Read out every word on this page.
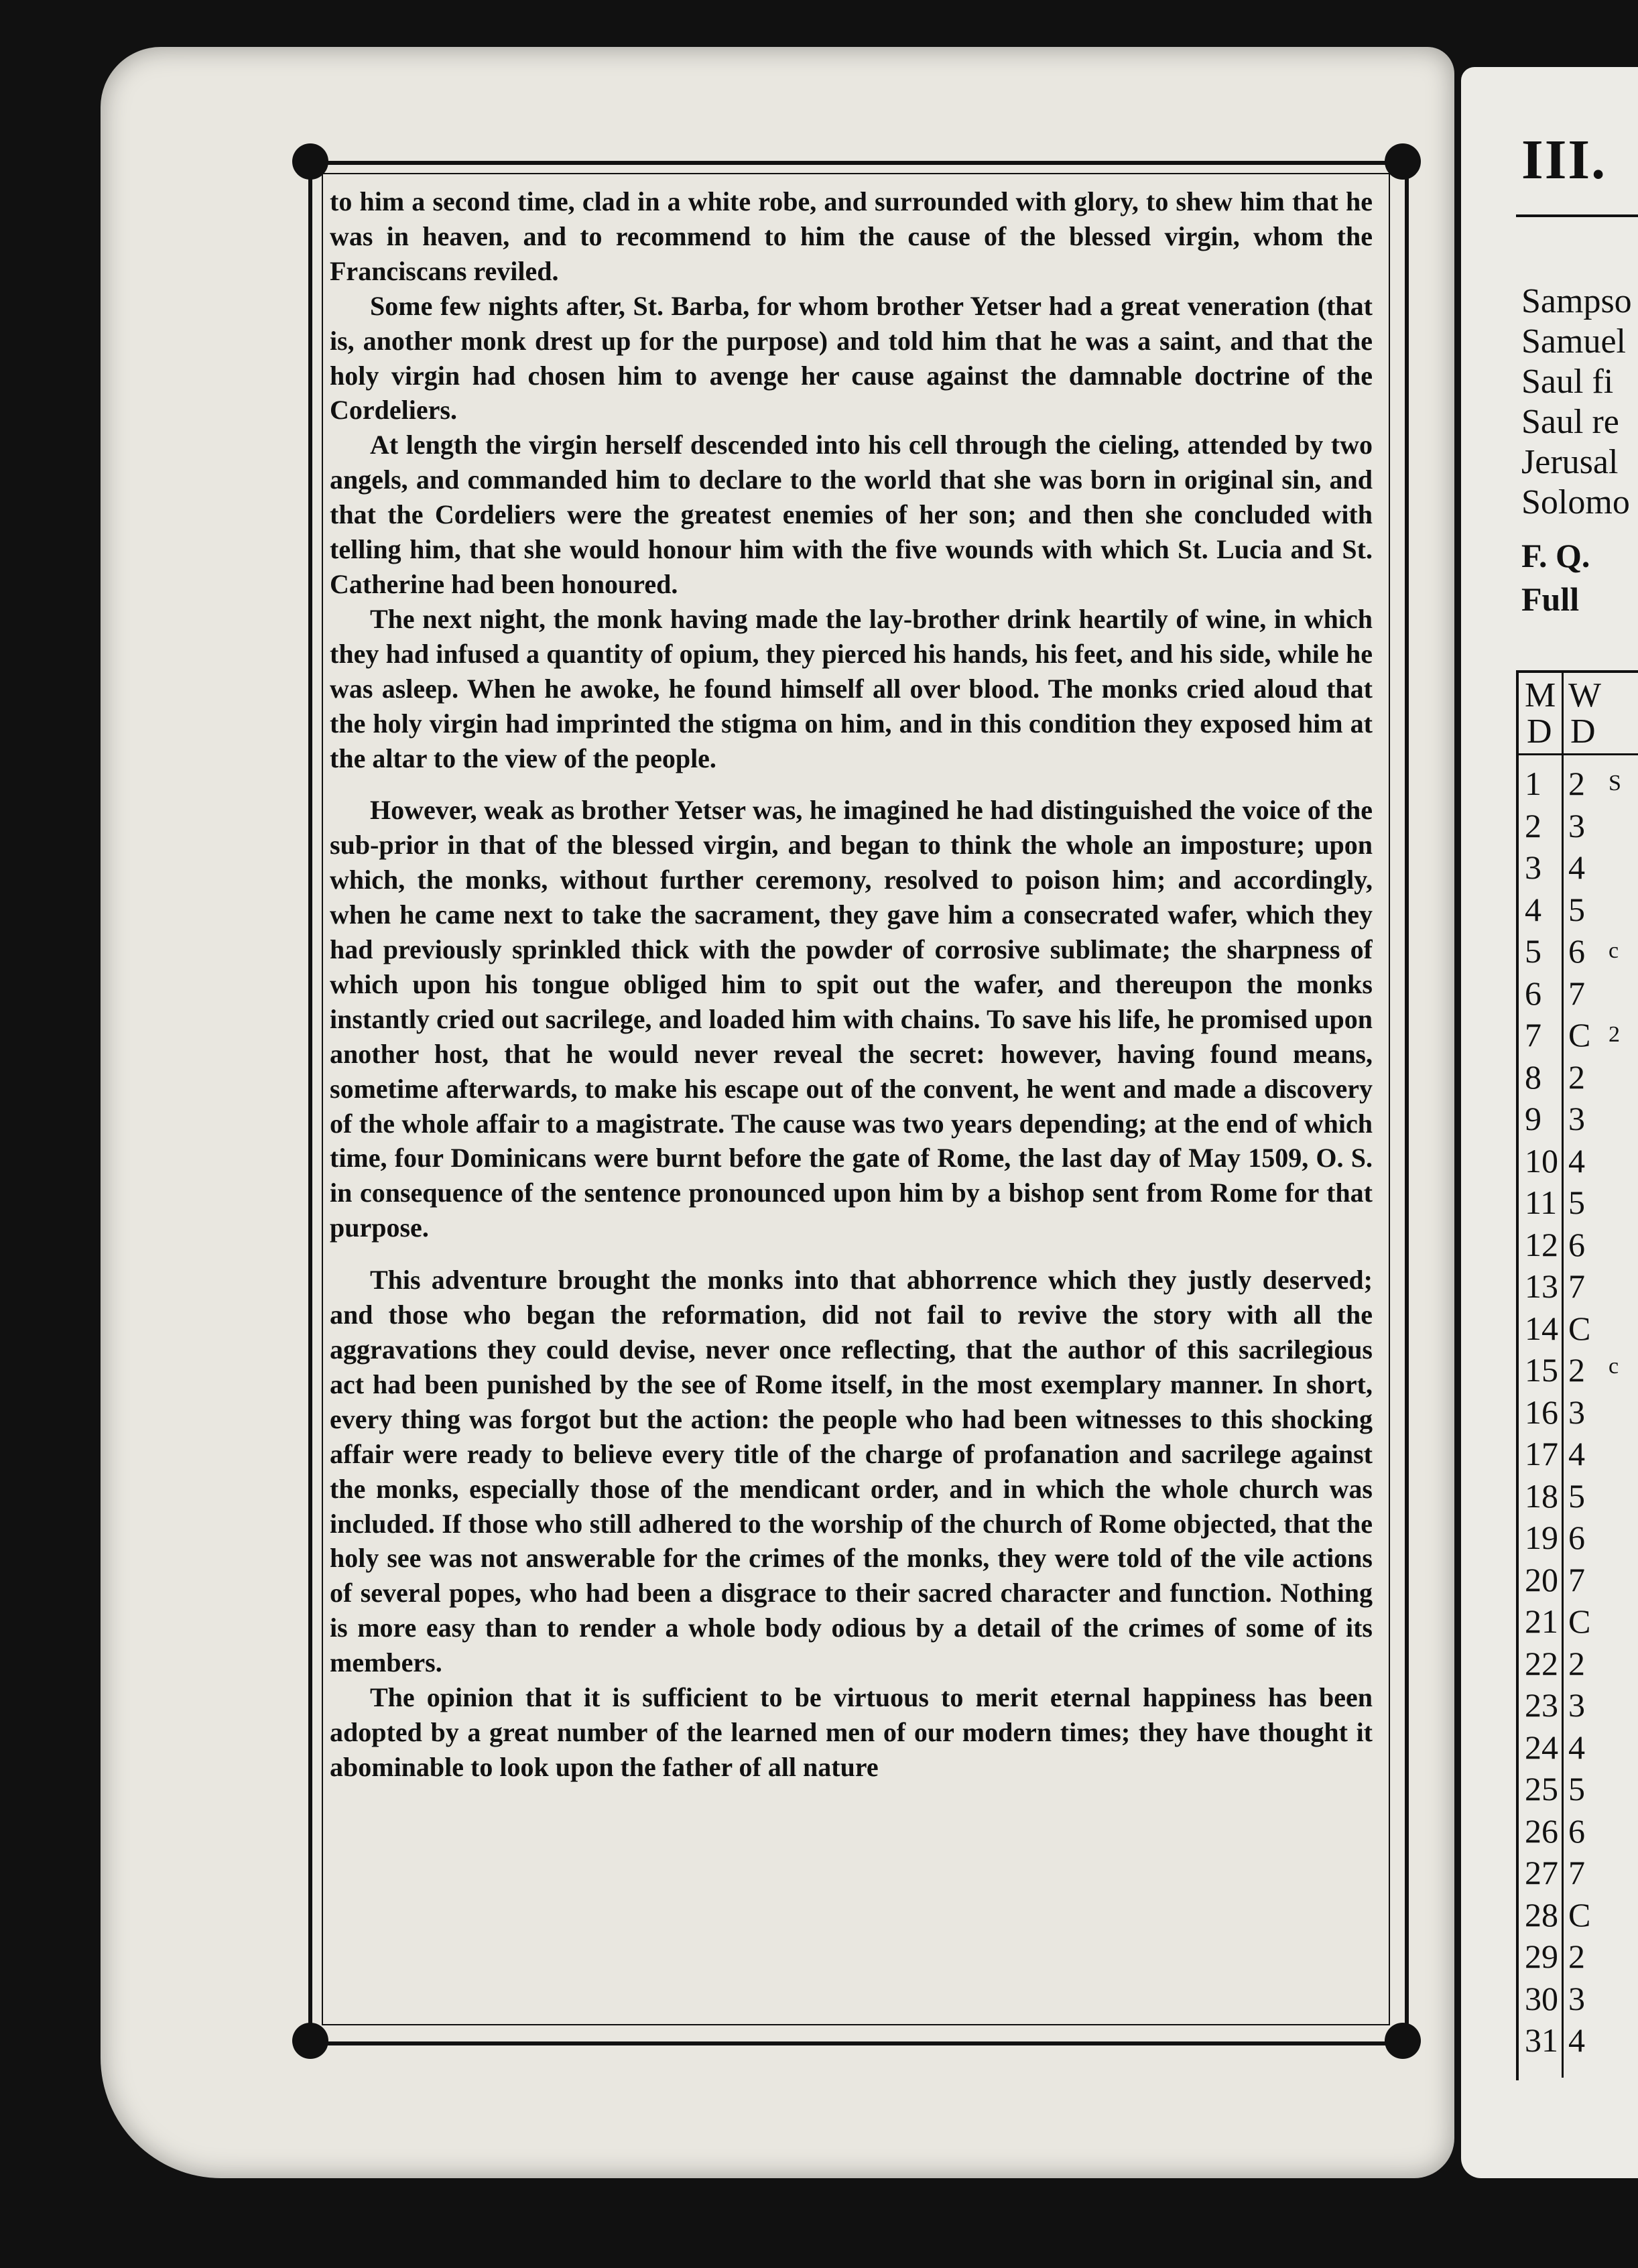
to him a second time, clad in a white robe, and surrounded with glory, to shew him that he was in heaven, and to recommend to him the cause of the blessed virgin, whom the Franciscans reviled.

Some few nights after, St. Barba, for whom brother Yetser had a great veneration (that is, another monk drest up for the purpose) and told him that he was a saint, and that the holy virgin had chosen him to avenge her cause against the damnable doctrine of the Cordeliers.

At length the virgin herself descended into his cell through the cieling, attended by two angels, and commanded him to declare to the world that she was born in original sin, and that the Cordeliers were the greatest enemies of her son; and then she concluded with telling him, that she would honour him with the five wounds with which St. Lucia and St. Catherine had been honoured.

The next night, the monk having made the lay-brother drink heartily of wine, in which they had infused a quantity of opium, they pierced his hands, his feet, and his side, while he was asleep. When he awoke, he found himself all over blood. The monks cried aloud that the holy virgin had imprinted the stigma on him, and in this condition they exposed him at the altar to the view of the people.

However, weak as brother Yetser was, he imagined he had distinguished the voice of the sub-prior in that of the blessed virgin, and began to think the whole an imposture; upon which, the monks, without further ceremony, resolved to poison him; and accordingly, when he came next to take the sacrament, they gave him a consecrated wafer, which they had previously sprinkled thick with the powder of corrosive sublimate; the sharpness of which upon his tongue obliged him to spit out the wafer, and thereupon the monks instantly cried out sacrilege, and loaded him with chains. To save his life, he promised upon another host, that he would never reveal the secret: however, having found means, sometime afterwards, to make his escape out of the convent, he went and made a discovery of the whole affair to a magistrate. The cause was two years depending; at the end of which time, four Dominicans were burnt before the gate of Rome, the last day of May 1509, O. S. in consequence of the sentence pronounced upon him by a bishop sent from Rome for that purpose.

This adventure brought the monks into that abhorrence which they justly deserved; and those who began the reformation, did not fail to revive the story with all the aggravations they could devise, never once reflecting, that the author of this sacrilegious act had been punished by the see of Rome itself, in the most exemplary manner. In short, every thing was forgot but the action: the people who had been witnesses to this shocking affair were ready to believe every title of the charge of profanation and sacrilege against the monks, especially those of the mendicant order, and in which the whole church was included. If those who still adhered to the worship of the church of Rome objected, that the holy see was not answerable for the crimes of the monks, they were told of the vile actions of several popes, who had been a disgrace to their sacred character and function. Nothing is more easy than to render a whole body odious by a detail of the crimes of some of its members.

The opinion that it is sufficient to be virtuous to merit eternal happiness has been adopted by a great number of the learned men of our modern times; they have thought it abominable to look upon the father of all nature

III.
Sampso
Samuel
Saul fi
Saul re
Jerusal
Solomo
F. Q.
Full
M
D
W
D
1 2
2 3
3 4
4 5
5 6
6 7
7 C
8 2
9 3
10 4
11 5
12 6
13 7
14 C
15 2
16 3
17 4
18 5
19 6
20 7
21 C
22 2
23 3
24 4
25 5
26 6
27 7
28 C
29 2
30 3
31 4
S
c
2
c
